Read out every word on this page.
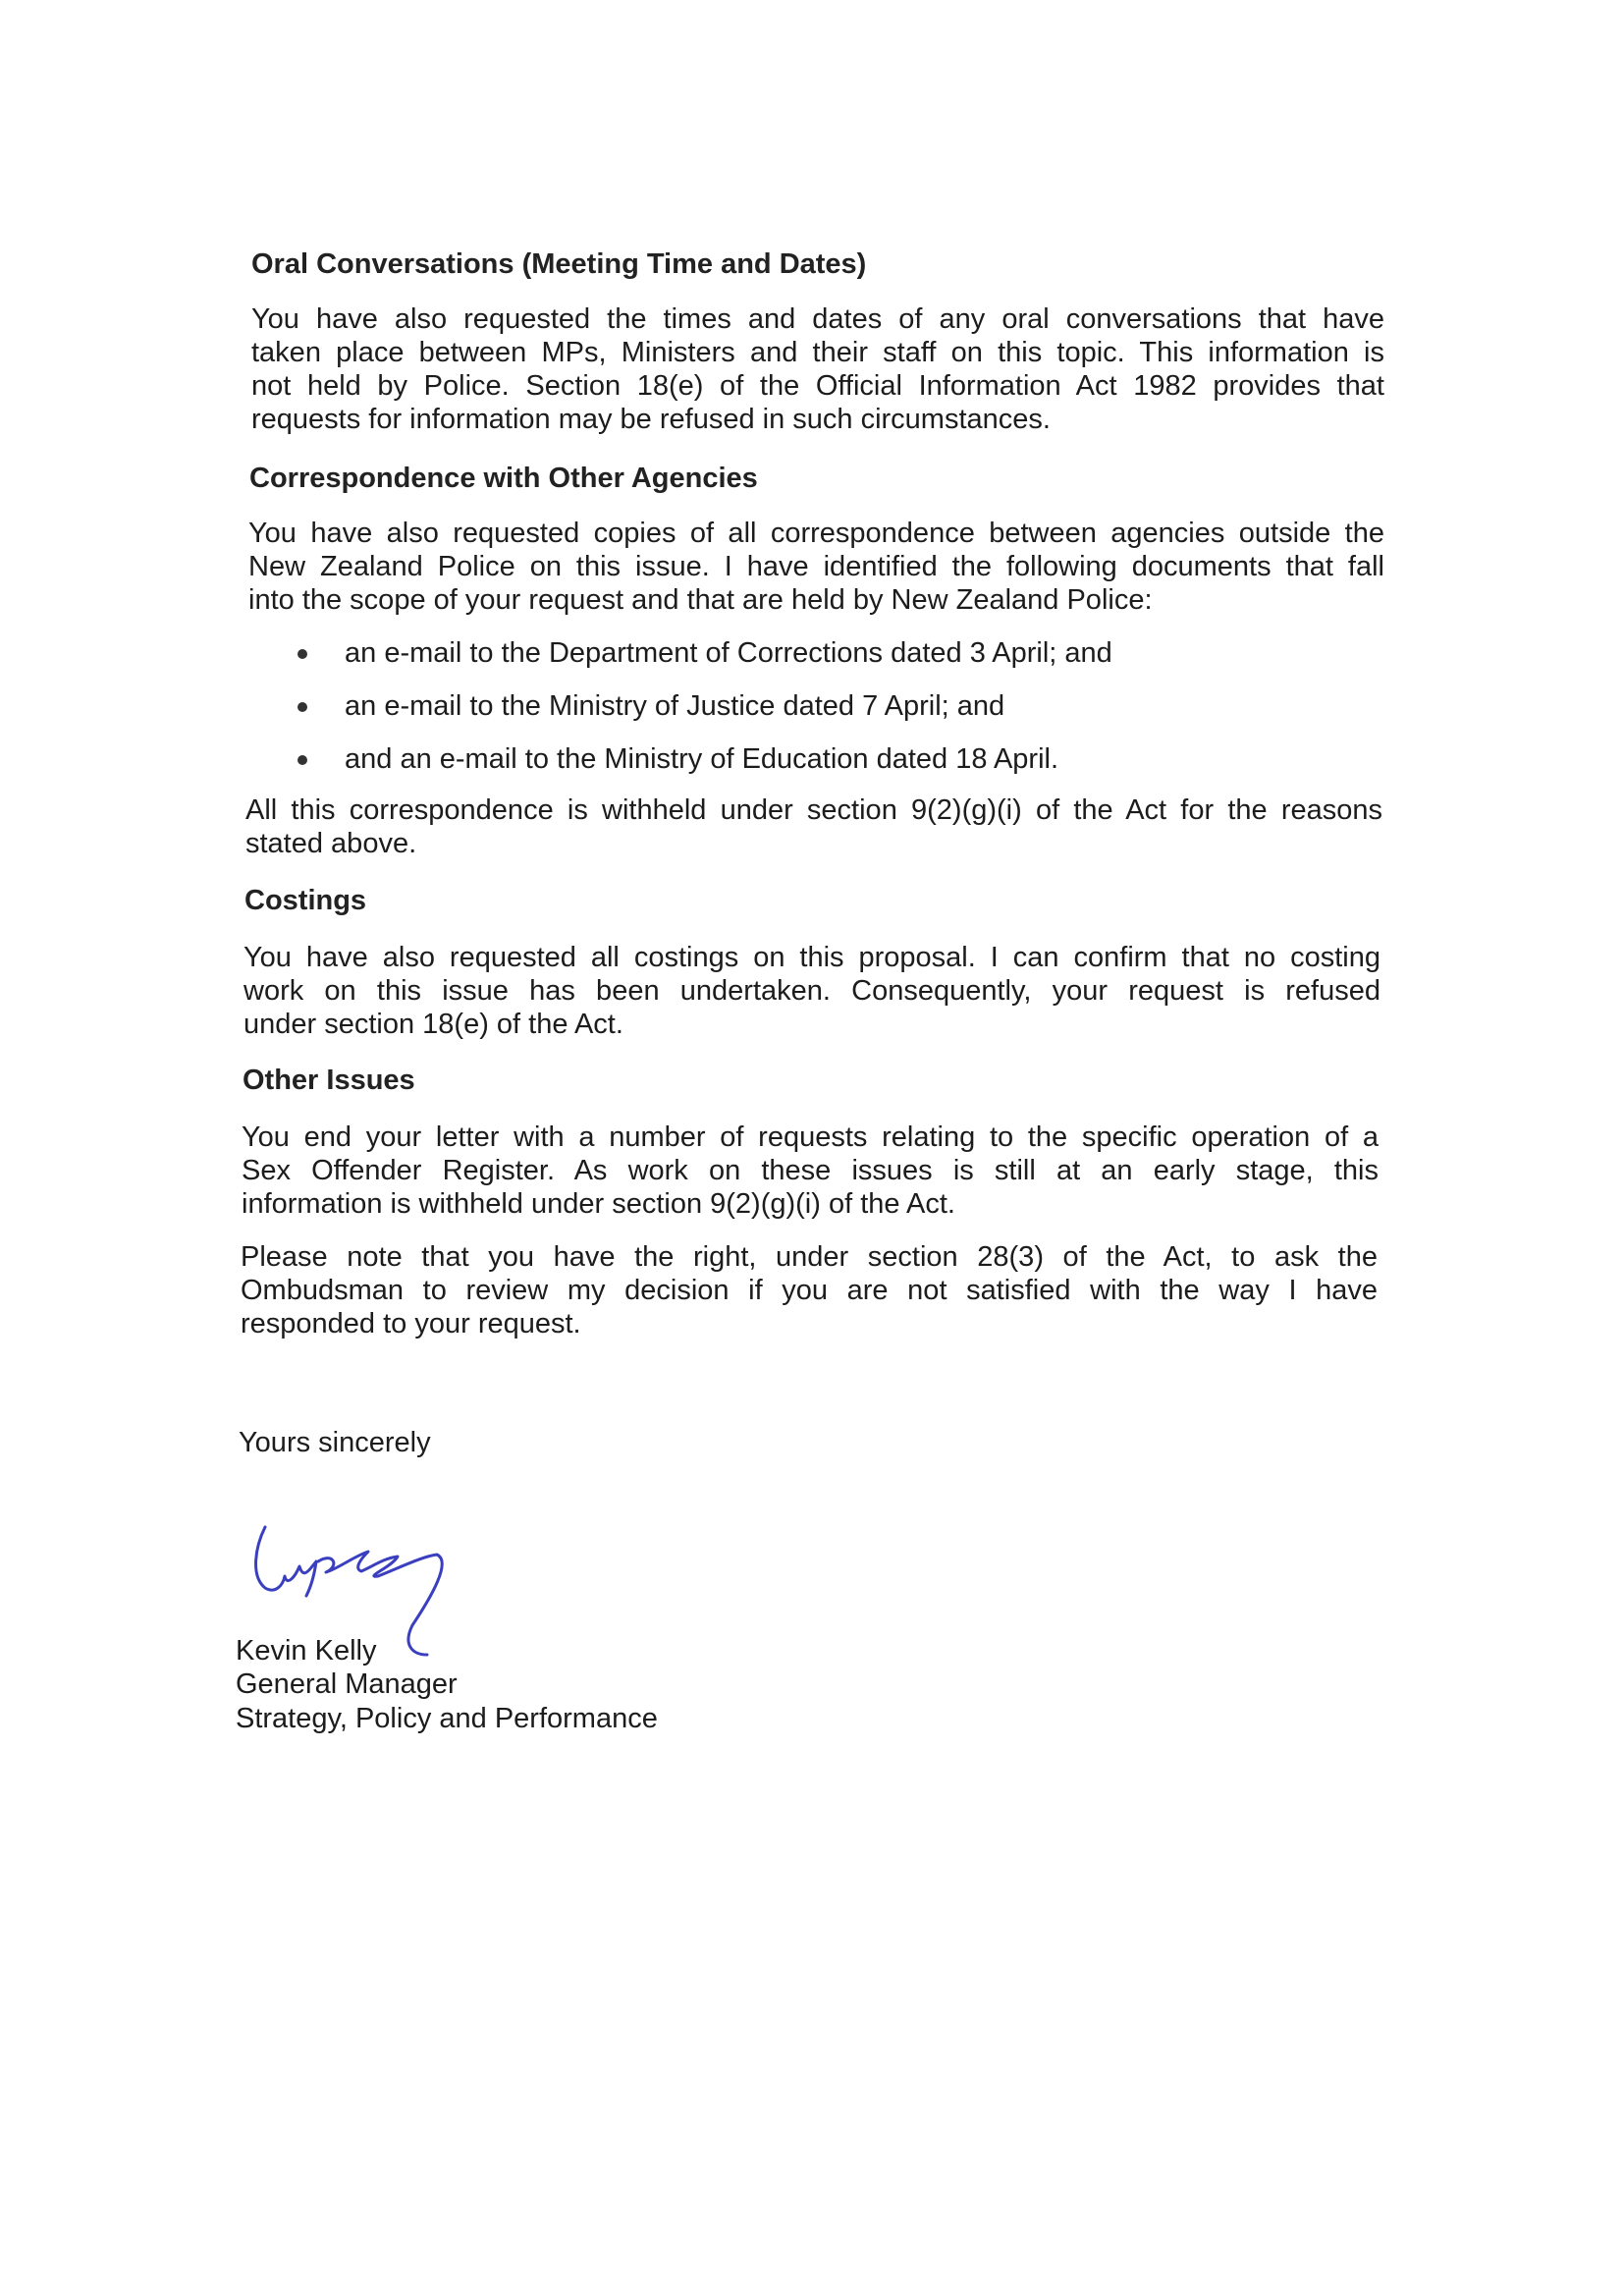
Oral Conversations (Meeting Time and Dates)
You have also requested the times and dates of any oral conversations that have
taken place between MPs, Ministers and their staff on this topic. This information is
not held by Police. Section 18(e) of the Official Information Act 1982 provides that
requests for information may be refused in such circumstances.
Correspondence with Other Agencies
You have also requested copies of all correspondence between agencies outside the
New Zealand Police on this issue. I have identified the following documents that fall
into the scope of your request and that are held by New Zealand Police:
an e-mail to the Department of Corrections dated 3 April; and
an e-mail to the Ministry of Justice dated 7 April; and
and an e-mail to the Ministry of Education dated 18 April.
All this correspondence is withheld under section 9(2)(g)(i) of the Act for the reasons
stated above.
Costings
You have also requested all costings on this proposal. I can confirm that no costing
work on this issue has been undertaken. Consequently, your request is refused
under section 18(e) of the Act.
Other Issues
You end your letter with a number of requests relating to the specific operation of a
Sex Offender Register. As work on these issues is still at an early stage, this
information is withheld under section 9(2)(g)(i) of the Act.
Please note that you have the right, under section 28(3) of the Act, to ask the
Ombudsman to review my decision if you are not satisfied with the way I have
responded to your request.
Yours sincerely
Kevin Kelly
General Manager
Strategy, Policy and Performance
